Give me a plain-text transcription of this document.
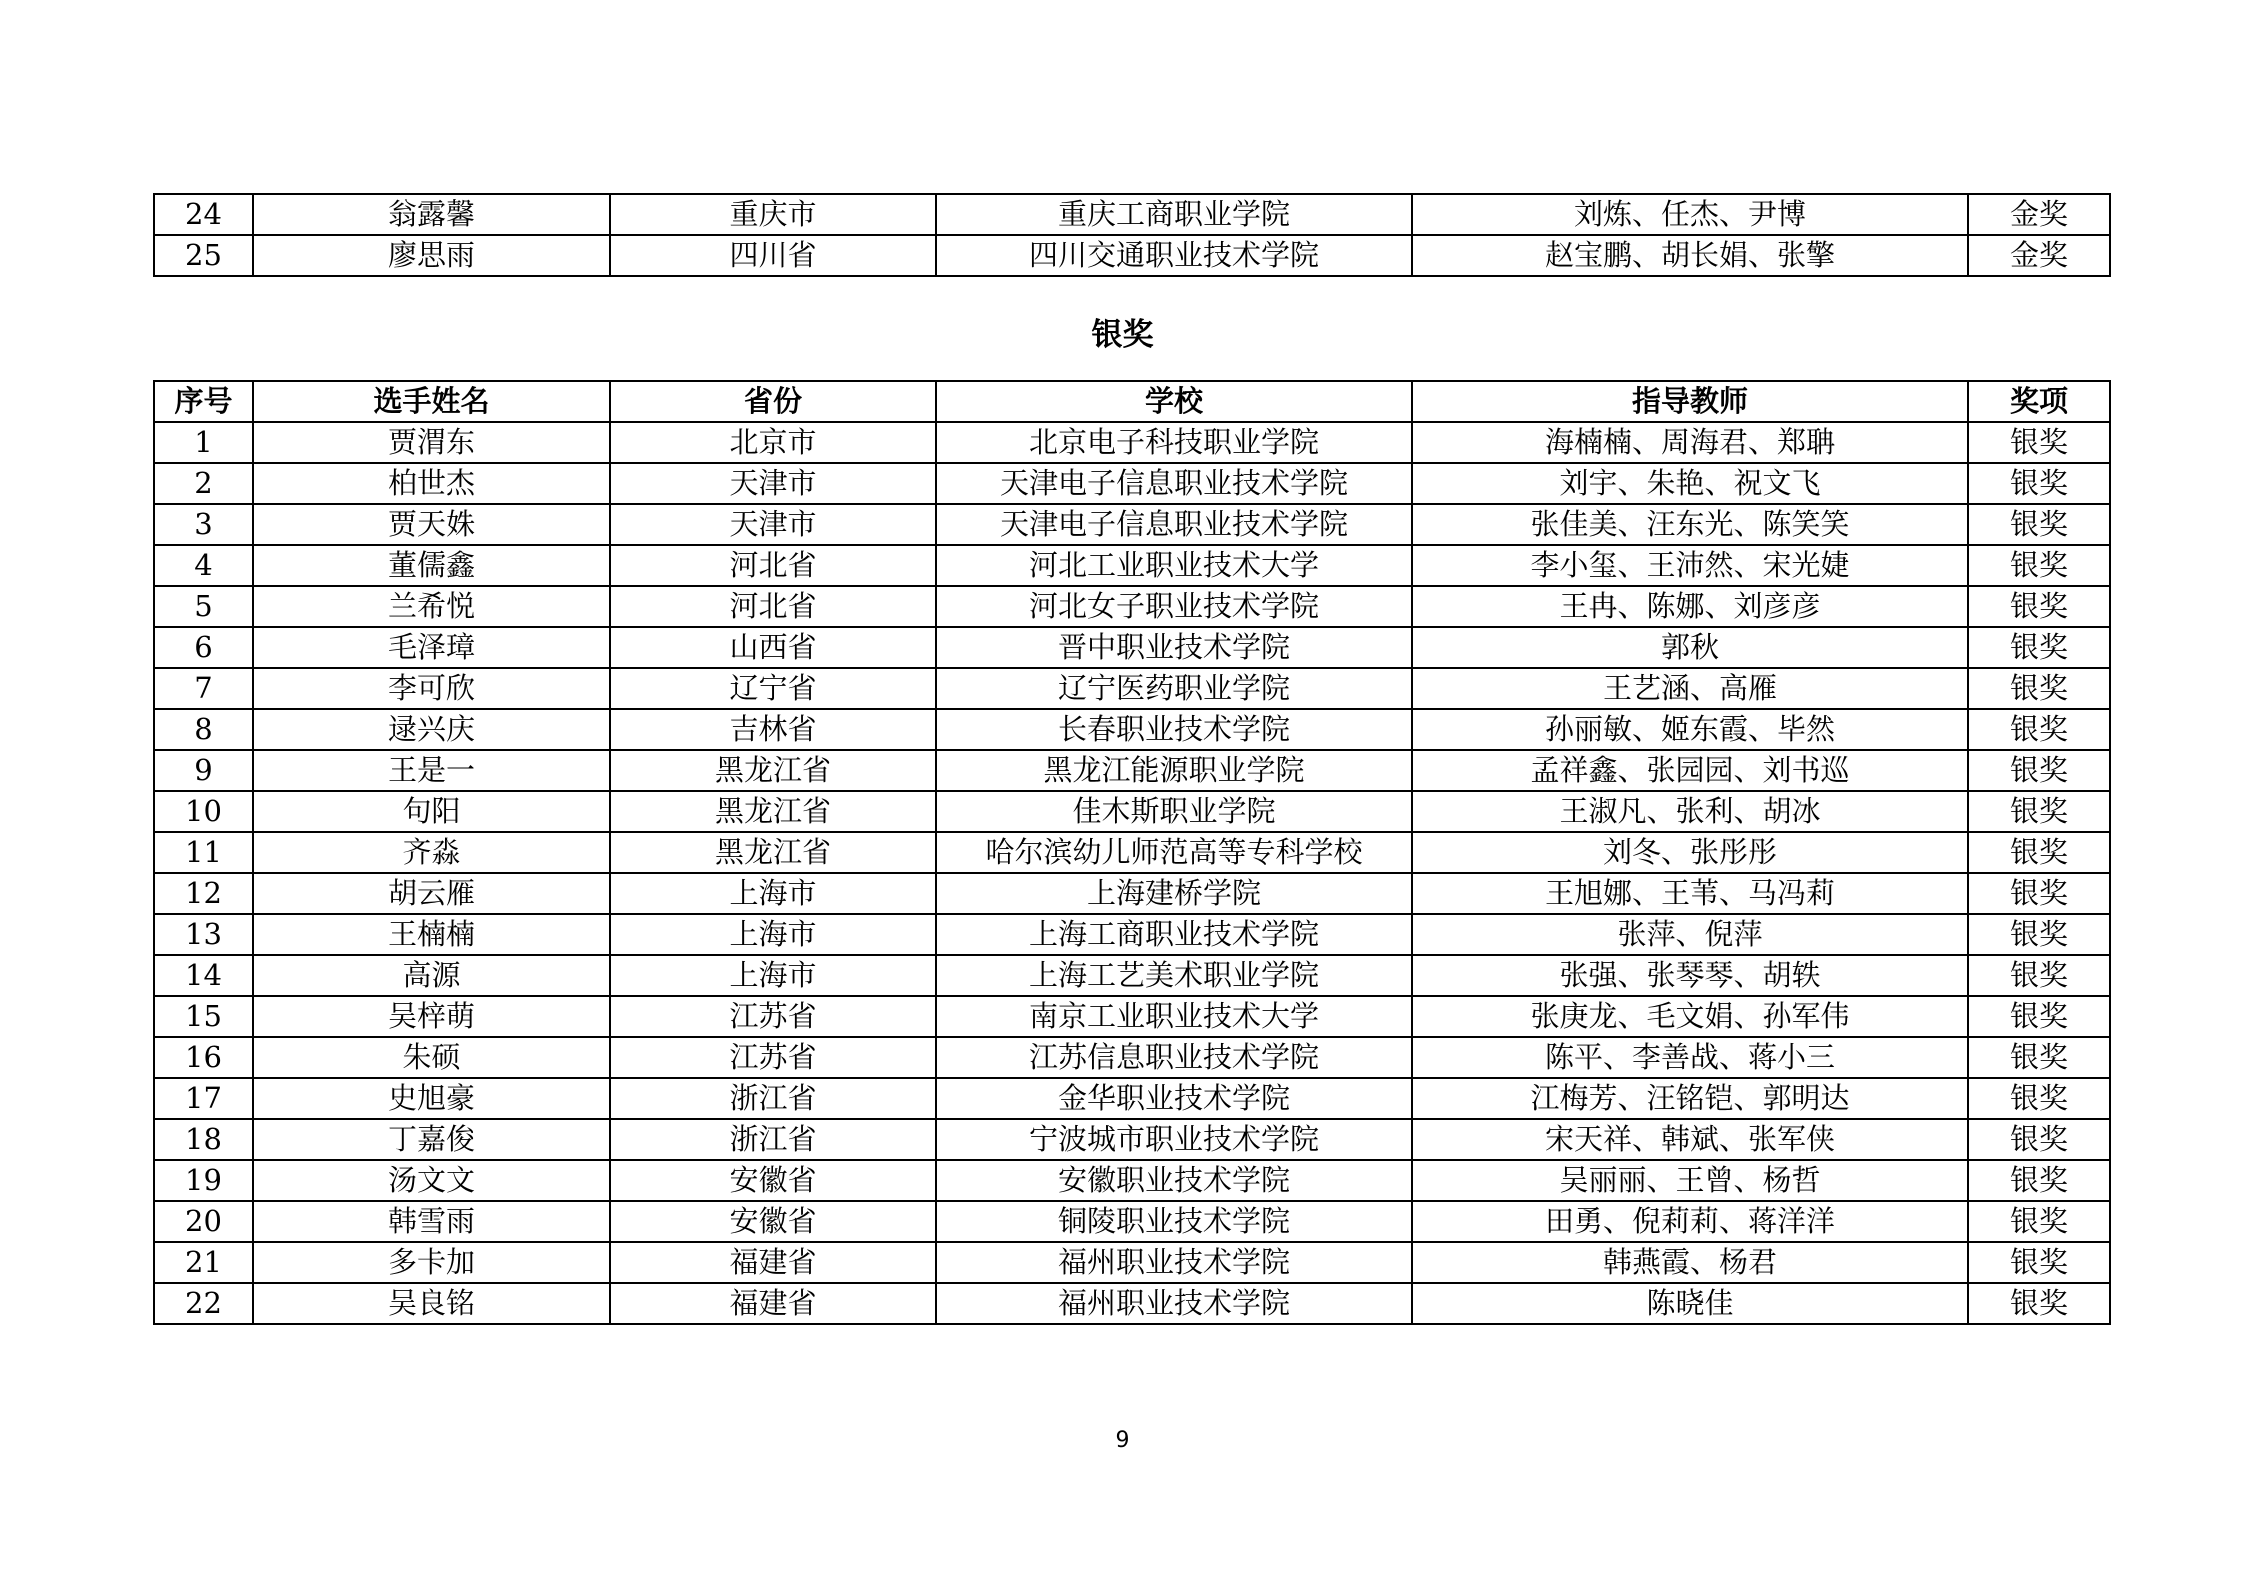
24	翁露馨	重庆市	重庆工商职业学院	刘炼、任杰、尹博	金奖
25	廖思雨	四川省	四川交通职业技术学院	赵宝鹏、胡长娟、张擎	金奖
银奖
序号	选手姓名	省份	学校	指导教师	奖项
1	贾渭东	北京市	北京电子科技职业学院	海楠楠、周海君、郑聃	银奖
2	柏世杰	天津市	天津电子信息职业技术学院	刘宇、朱艳、祝文飞	银奖
3	贾天姝	天津市	天津电子信息职业技术学院	张佳美、汪东光、陈笑笑	银奖
4	董儒鑫	河北省	河北工业职业技术大学	李小玺、王沛然、宋光婕	银奖
5	兰希悦	河北省	河北女子职业技术学院	王冉、陈娜、刘彦彦	银奖
6	毛泽璋	山西省	晋中职业技术学院	郭秋	银奖
7	李可欣	辽宁省	辽宁医药职业学院	王艺涵、高雁	银奖
8	逯兴庆	吉林省	长春职业技术学院	孙丽敏、姬东霞、毕然	银奖
9	王是一	黑龙江省	黑龙江能源职业学院	孟祥鑫、张园园、刘书巡	银奖
10	句阳	黑龙江省	佳木斯职业学院	王淑凡、张利、胡冰	银奖
11	齐淼	黑龙江省	哈尔滨幼儿师范高等专科学校	刘冬、张彤彤	银奖
12	胡云雁	上海市	上海建桥学院	王旭娜、王苇、马冯莉	银奖
13	王楠楠	上海市	上海工商职业技术学院	张萍、倪萍	银奖
14	高源	上海市	上海工艺美术职业学院	张强、张琴琴、胡轶	银奖
15	吴梓萌	江苏省	南京工业职业技术大学	张庚龙、毛文娟、孙军伟	银奖
16	朱硕	江苏省	江苏信息职业技术学院	陈平、李善战、蒋小三	银奖
17	史旭豪	浙江省	金华职业技术学院	江梅芳、汪铭铠、郭明达	银奖
18	丁嘉俊	浙江省	宁波城市职业技术学院	宋天祥、韩斌、张军侠	银奖
19	汤文文	安徽省	安徽职业技术学院	吴丽丽、王曾、杨哲	银奖
20	韩雪雨	安徽省	铜陵职业技术学院	田勇、倪莉莉、蒋洋洋	银奖
21	多卡加	福建省	福州职业技术学院	韩燕霞、杨君	银奖
22	吴良铭	福建省	福州职业技术学院	陈晓佳	银奖
9
